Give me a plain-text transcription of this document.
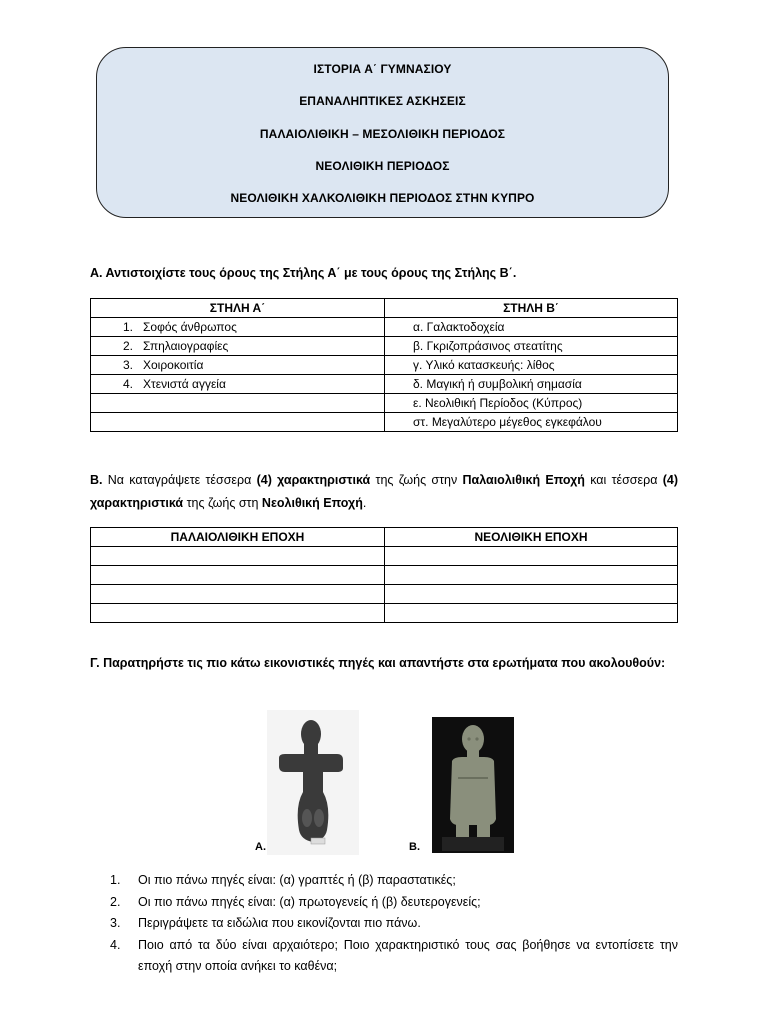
ΙΣΤΟΡΙΑ Α΄ ΓΥΜΝΑΣΙΟΥ
ΕΠΑΝΑΛΗΠΤΙΚΕΣ ΑΣΚΗΣΕΙΣ
ΠΑΛΑΙΟΛΙΘΙΚΗ – ΜΕΣΟΛΙΘΙΚΗ ΠΕΡΙΟΔΟΣ
ΝΕΟΛΙΘΙΚΗ ΠΕΡΙΟΔΟΣ
ΝΕΟΛΙΘΙΚΗ ΧΑΛΚΟΛΙΘΙΚΗ ΠΕΡΙΟΔΟΣ ΣΤΗΝ ΚΥΠΡΟ
Α. Αντιστοιχίστε τους όρους της Στήλης Α΄ με τους όρους της Στήλης Β΄.
ΣΤΗΛΗ Α΄	ΣΤΗΛΗ Β΄
1. Σοφός άνθρωπος	α. Γαλακτοδοχεία
2. Σπηλαιογραφίες	β. Γκριζοπράσινος στεατίτης
3. Χοιροκοιτία	γ. Υλικό κατασκευής: λίθος
4. Χτενιστά αγγεία	δ. Μαγική ή συμβολική σημασία
	ε. Νεολιθική Περίοδος (Κύπρος)
	στ. Μεγαλύτερο μέγεθος εγκεφάλου
Β. Να καταγράψετε τέσσερα (4) χαρακτηριστικά της ζωής στην Παλαιολιθική Εποχή και τέσσερα (4) χαρακτηριστικά της ζωής στη Νεολιθική Εποχή.
ΠΑΛΑΙΟΛΙΘΙΚΗ ΕΠΟΧΗ	ΝΕΟΛΙΘΙΚΗ ΕΠΟΧΗ

Γ. Παρατηρήστε τις πιο κάτω εικονιστικές πηγές και απαντήστε στα ερωτήματα που ακολουθούν:
Α.	Β.
1.	Οι πιο πάνω πηγές είναι: (α) γραπτές ή (β) παραστατικές;
2.	Οι πιο πάνω πηγές είναι: (α) πρωτογενείς ή (β) δευτερογενείς;
3.	Περιγράψετε τα ειδώλια που εικονίζονται πιο πάνω.
4.	Ποιο από τα δύο είναι αρχαιότερο; Ποιο χαρακτηριστικό τους σας βοήθησε να εντοπίσετε την εποχή στην οποία ανήκει το καθένα;
